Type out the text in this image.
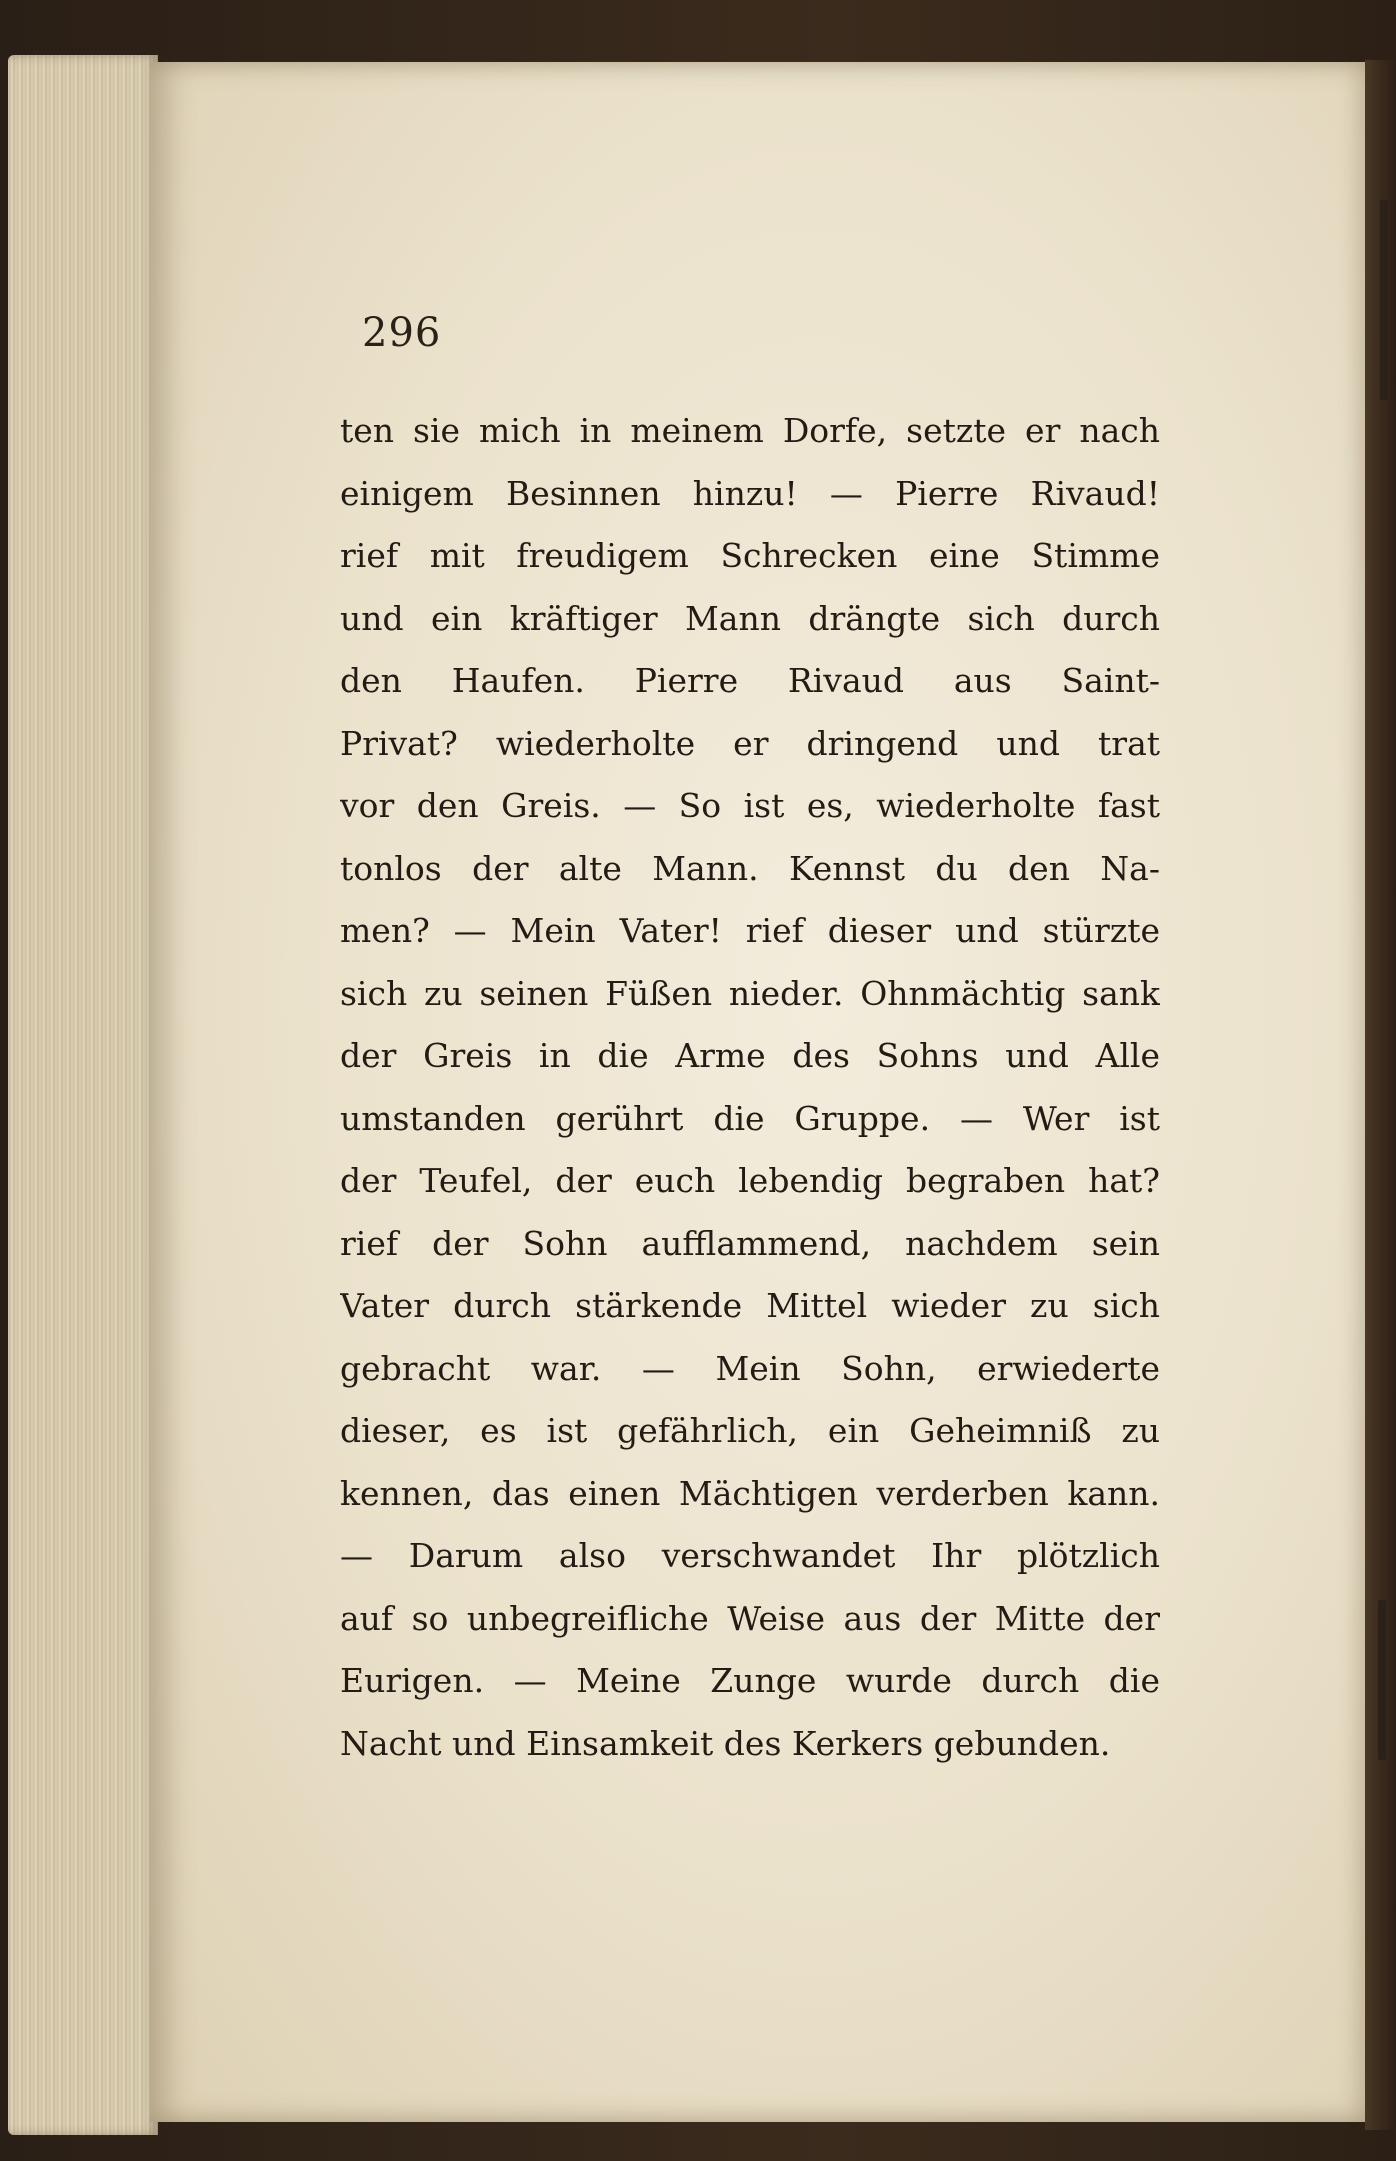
296
ten sie mich in meinem Dorfe, setzte er nach
einigem Besinnen hinzu! — Pierre Rivaud!
rief mit freudigem Schrecken eine Stimme
und ein kräftiger Mann drängte sich durch
den Haufen. Pierre Rivaud aus Saint-
Privat? wiederholte er dringend und trat
vor den Greis. — So ist es, wiederholte fast
tonlos der alte Mann. Kennst du den Na-
men? — Mein Vater! rief dieser und stürzte
sich zu seinen Füßen nieder. Ohnmächtig sank
der Greis in die Arme des Sohns und Alle
umstanden gerührt die Gruppe. — Wer ist
der Teufel, der euch lebendig begraben hat?
rief der Sohn aufflammend, nachdem sein
Vater durch stärkende Mittel wieder zu sich
gebracht war. — Mein Sohn, erwiederte
dieser, es ist gefährlich, ein Geheimniß zu
kennen, das einen Mächtigen verderben kann.
— Darum also verschwandet Ihr plötzlich
auf so unbegreifliche Weise aus der Mitte der
Eurigen. — Meine Zunge wurde durch die
Nacht und Einsamkeit des Kerkers gebunden.
